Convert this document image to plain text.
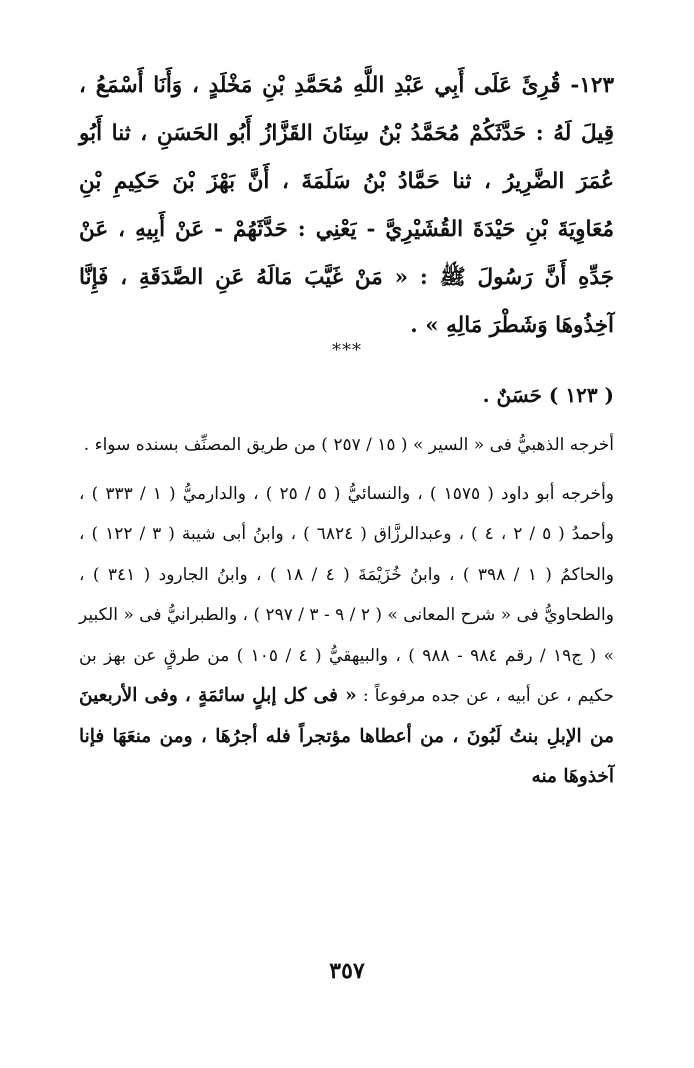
١٢٣- قُرِئَ عَلَى أَبِي عَبْدِ اللَّهِ مُحَمَّدِ بْنِ مَخْلَدٍ ، وَأَنَا أَسْمَعُ ، قِيلَ لَهُ : حَدَّثَكُمْ مُحَمَّدُ بْنُ سِنَانَ القَزَّازُ أَبُو الحَسَنِ ، ثنا أَبُو عُمَرَ الضَّرِيرُ ، ثنا حَمَّادُ بْنُ سَلَمَةَ ، أَنَّ بَهْزَ بْنَ حَكِيمِ بْنِ مُعَاوِيَةَ بْنِ حَيْدَةَ القُشَيْرِيَّ - يَعْنِي : حَدَّثَهُمْ - عَنْ أَبِيهِ ، عَنْ جَدِّهِ أَنَّ رَسُولَ ﷺ : « مَنْ غَيَّبَ مَالَهُ عَنِ الصَّدَقَةِ ، فَإِنَّا آخِذُوهَا وَشَطْرَ مَالِهِ » .
***
( ١٢٣ ) حَسَنٌ .

أخرجه الذهبيُّ فى « السير » ( ١٥ / ٢٥٧ ) من طريق المصنِّف بسنده سواء .

وأخرجه أبو داود ( ١٥٧٥ ) ، والنسائيُّ ( ٥ / ٢٥ ) ، والدارميُّ ( ١ / ٣٣٣ ) ، وأحمدُ ( ٥ / ٢ ، ٤ ) ، وعبدالرزَّاق ( ٦٨٢٤ ) ، وابنُ أبى شيبة ( ٣ / ١٢٢ ) ، والحاكمُ ( ١ / ٣٩٨ ) ، وابنُ خُزَيْمَةَ ( ٤ / ١٨ ) ، وابنُ الجارود ( ٣٤١ ) ، والطحاويُّ فى « شرح المعانى » ( ٢ / ٩ - ٣ / ٢٩٧ ) ، والطبرانيُّ فى « الكبير » ( ج١٩ / رقم ٩٨٤ - ٩٨٨ ) ، والبيهقيُّ ( ٤ / ١٠٥ ) من طرقٍ عن بهز بن حكيم ، عن أبيه ، عن جده مرفوعاً : « فى كل إبلٍ سائمَةٍ ، وفى الأربعينَ من الإبلِ بنتُ لَبُونَ ، من أعطاها مؤتجراً فله أجرُهَا ، ومن منعَهَا فإنا آخذوهَا منه

٣٥٧
